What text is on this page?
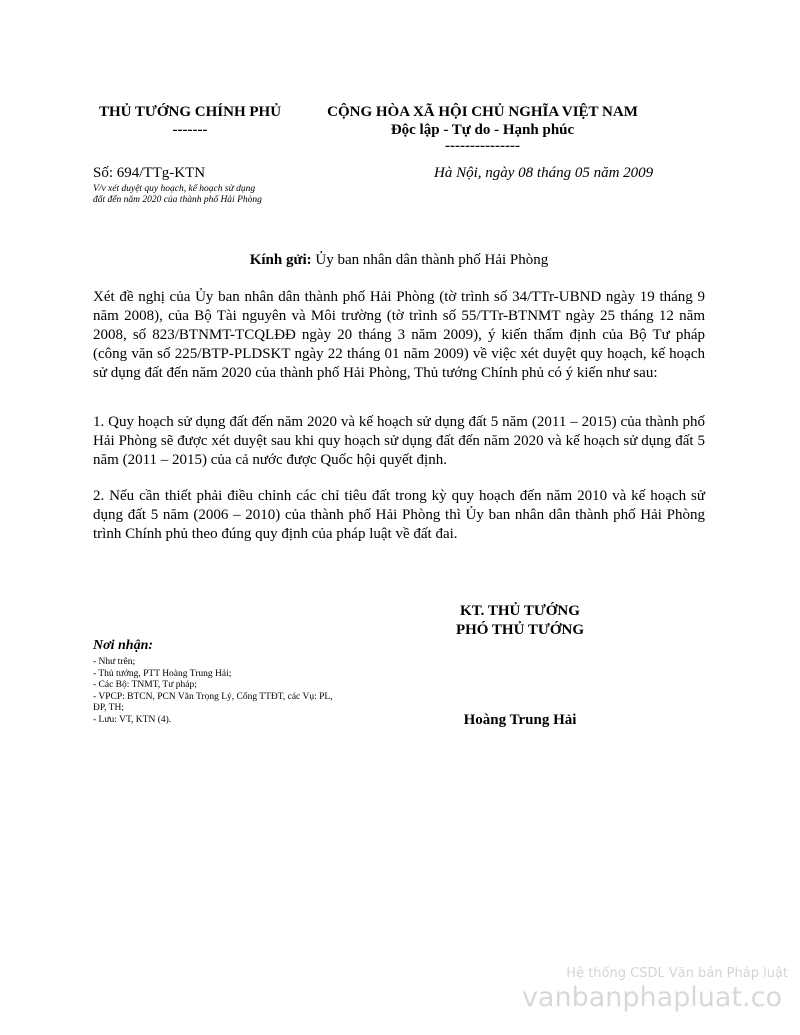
THỦ TƯỚNG CHÍNH PHỦ
-------
CỘNG HÒA XÃ HỘI CHỦ NGHĨA VIỆT NAM
Độc lập - Tự do - Hạnh phúc
---------------
Số: 694/TTg-KTN
V/v xét duyệt quy hoạch, kế hoạch sử dụng
đất đến năm 2020 của thành phố Hải Phòng
Hà Nội, ngày 08 tháng 05 năm 2009
Kính gửi: Ủy ban nhân dân thành phố Hải Phòng

Xét đề nghị của Ủy ban nhân dân thành phố Hải Phòng (tờ trình số 34/TTr-UBND ngày 19 tháng 9 năm 2008), của Bộ Tài nguyên và Môi trường (tờ trình số 55/TTr-BTNMT ngày 25 tháng 12 năm 2008, số 823/BTNMT-TCQLĐĐ ngày 20 tháng 3 năm 2009), ý kiến thẩm định của Bộ Tư pháp (công văn số 225/BTP-PLDSKT ngày 22 tháng 01 năm 2009) về việc xét duyệt quy hoạch, kế hoạch sử dụng đất đến năm 2020 của thành phố Hải Phòng, Thủ tướng Chính phủ có ý kiến như sau:

1. Quy hoạch sử dụng đất đến năm 2020 và kế hoạch sử dụng đất 5 năm (2011 – 2015) của thành phố Hải Phòng sẽ được xét duyệt sau khi quy hoạch sử dụng đất đến năm 2020 và kế hoạch sử dụng đất 5 năm (2011 – 2015) của cả nước được Quốc hội quyết định.

2. Nếu cần thiết phải điều chỉnh các chỉ tiêu đất trong kỳ quy hoạch đến năm 2010 và kế hoạch sử dụng đất 5 năm (2006 – 2010) của thành phố Hải Phòng thì Ủy ban nhân dân thành phố Hải Phòng trình Chính phủ theo đúng quy định của pháp luật về đất đai.

KT. THỦ TƯỚNG
PHÓ THỦ TƯỚNG
Hoàng Trung Hải
Nơi nhận:
- Như trên;
- Thủ tướng, PTT Hoàng Trung Hải;
- Các Bộ: TNMT, Tư pháp;
- VPCP: BTCN, PCN Văn Trọng Lý, Cổng TTĐT, các Vụ: PL,
ĐP, TH;
- Lưu: VT, KTN (4).
Hệ thống CSDL Văn bản Pháp luật
vanbanphapluat.co
